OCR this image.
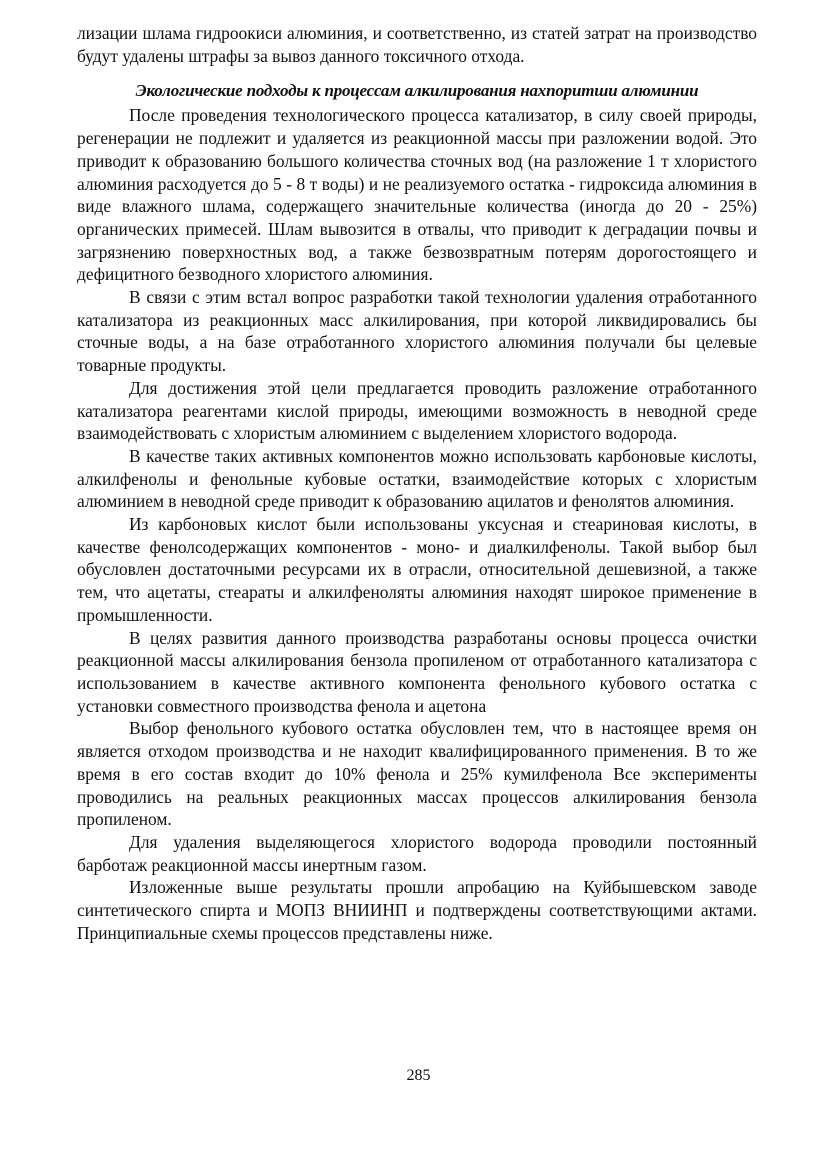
лизации шлама гидроокиси алюминия, и соответственно, из статей затрат на производство будут удалены штрафы за вывоз данного токсичного отхода.

Экологические подходы к процессам алкилирования нахпоритши алюминии

После проведения технологического процесса катализатор, в силу своей природы, регенерации не подлежит и удаляется из реакционной массы при разложении водой. Это приводит к образованию большого количества сточных вод (на разложение 1 т хлористого алюминия расходуется до 5 - 8 т воды) и не реализуемого остатка - гидроксида алюминия в виде влажного шлама, содержащего значительные количества (иногда до 20 - 25%) органических примесей. Шлам вывозится в отвалы, что приводит к деградации почвы и загрязнению поверхностных вод, а также безвозвратным потерям дорогостоящего и дефицитного безводного хлористого алюминия.

В связи с этим встал вопрос разработки такой технологии удаления отработанного катализатора из реакционных масс алкилирования, при которой ликвидировались бы сточные воды, а на базе отработанного хлористого алюминия получали бы целевые товарные продукты.

Для достижения этой цели предлагается проводить разложение отработанного катализатора реагентами кислой природы, имеющими возможность в неводной среде взаимодействовать с хлористым алюминием с выделением хлористого водорода.

В качестве таких активных компонентов можно использовать карбоновые кислоты, алкилфенолы и фенольные кубовые остатки, взаимодействие которых с хлористым алюминием в неводной среде приводит к образованию ацилатов и фенолятов алюминия.

Из карбоновых кислот были использованы уксусная и стеариновая кислоты, в качестве фенолсодержащих компонентов - моно- и диалкилфенолы. Такой выбор был обусловлен достаточными ресурсами их в отрасли, относительной дешевизной, а также тем, что ацетаты, стеараты и алкилфеноляты алюминия находят широкое применение в промышленности.

В целях развития данного производства разработаны основы процесса очистки реакционной массы алкилирования бензола пропиленом от отработанного катализатора с использованием в качестве активного компонента фенольного кубового остатка с установки совместного производства фенола и ацетона

Выбор фенольного кубового остатка обусловлен тем, что в настоящее время он является отходом производства и не находит квалифицированного применения. В то же время в его состав входит до 10% фенола и 25% кумилфенола Все эксперименты проводились на реальных реакционных массах процессов алкилирования бензола пропиленом.

Для удаления выделяющегося хлористого водорода проводили постоянный барботаж реакционной массы инертным газом.

Изложенные выше результаты прошли апробацию на Куйбышевском заводе синтетического спирта и МОПЗ ВНИИНП и подтверждены соответствующими актами. Принципиальные схемы процессов представлены ниже.

285
